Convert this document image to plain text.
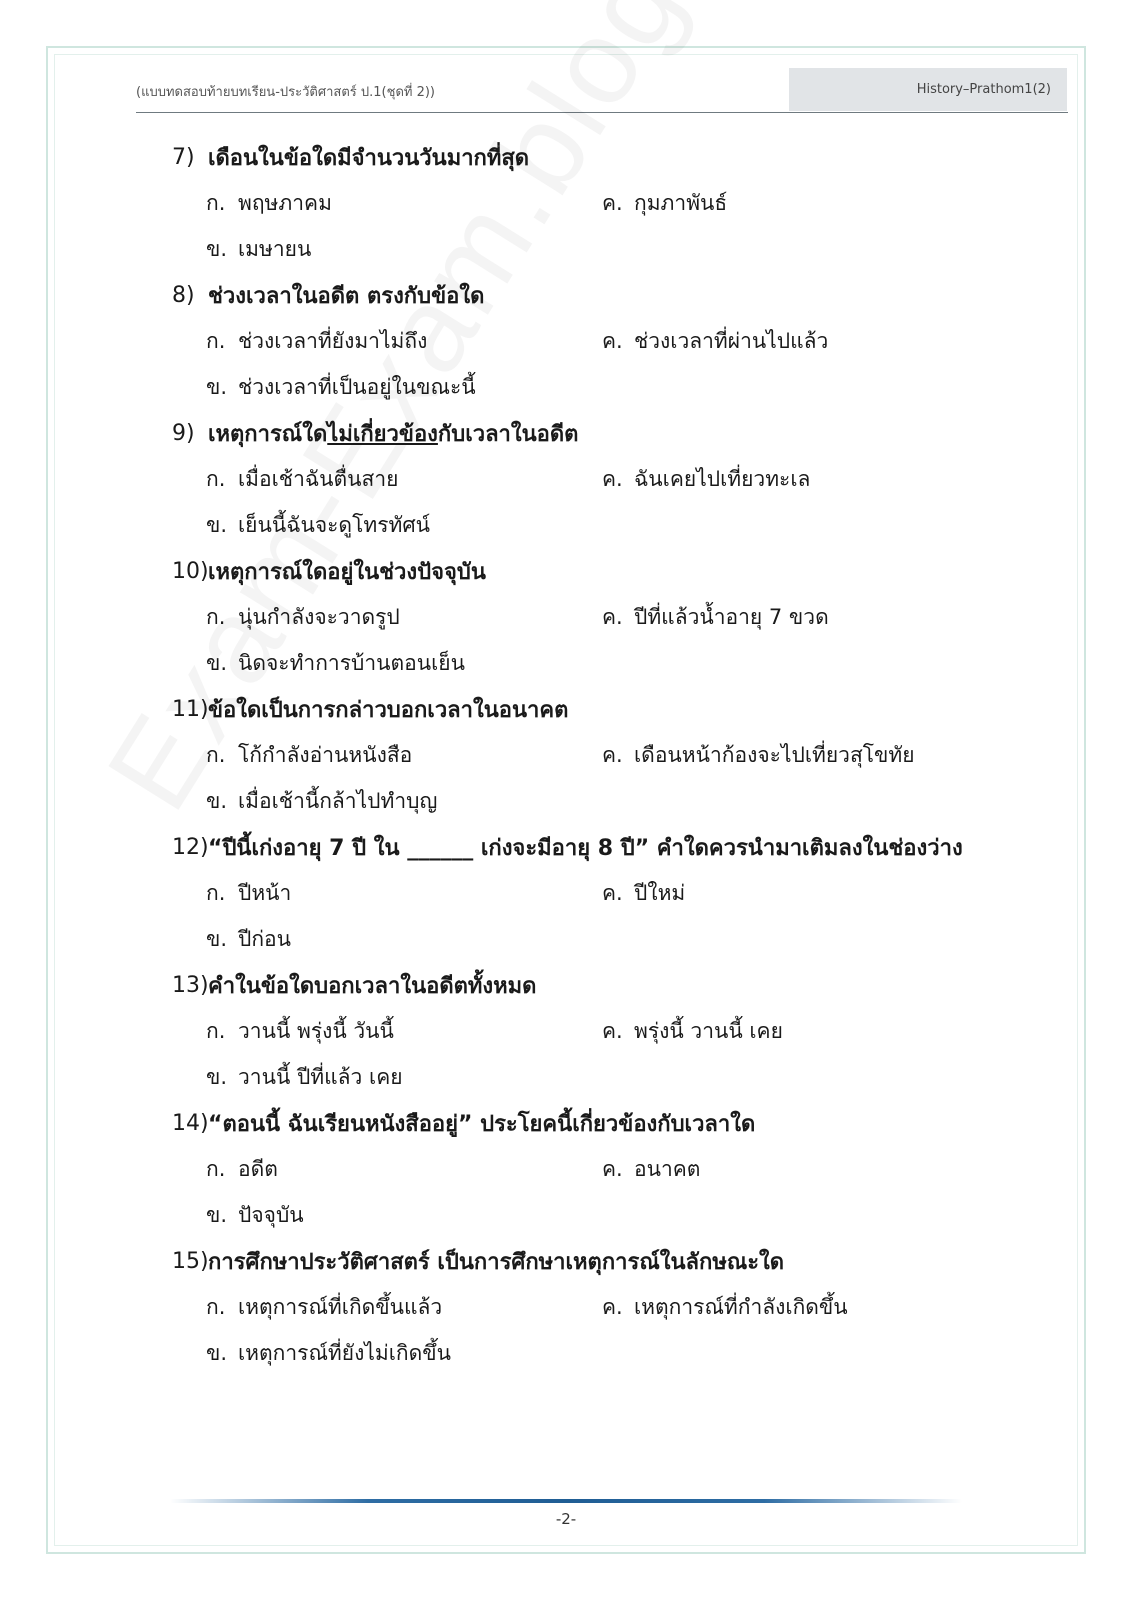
(แบบทดสอบท้ายบทเรียน-ประวัติศาสตร์ ป.1(ชุดที่ 2))	History–Prathom1(2)
7) เดือนในข้อใดมีจำนวนวันมากที่สุด
ก. พฤษภาคม	ค. กุมภาพันธ์
ข. เมษายน
8) ช่วงเวลาในอดีต ตรงกับข้อใด
ก. ช่วงเวลาที่ยังมาไม่ถึง	ค. ช่วงเวลาที่ผ่านไปแล้ว
ข. ช่วงเวลาที่เป็นอยู่ในขณะนี้
9) เหตุการณ์ใด ไม่เกี่ยวข้อง กับเวลาในอดีต
ก. เมื่อเช้าฉันตื่นสาย	ค. ฉันเคยไปเที่ยวทะเล
ข. เย็นนี้ฉันจะดูโทรทัศน์
10) เหตุการณ์ใดอยู่ในช่วงปัจจุบัน
ก. นุ่นกำลังจะวาดรูป	ค. ปีที่แล้วน้ำอายุ 7 ขวด
ข. นิดจะทำการบ้านตอนเย็น
11) ข้อใดเป็นการกล่าวบอกเวลาในอนาคต
ก. โก้กำลังอ่านหนังสือ	ค. เดือนหน้าก้องจะไปเที่ยวสุโขทัย
ข. เมื่อเช้านี้กล้าไปทำบุญ
12) “ปีนี้เก่งอายุ 7 ปี ใน ______ เก่งจะมีอายุ 8 ปี” คำใดควรนำมาเติมลงในช่องว่าง
ก. ปีหน้า	ค. ปีใหม่
ข. ปีก่อน
13) คำในข้อใดบอกเวลาในอดีตทั้งหมด
ก. วานนี้ พรุ่งนี้ วันนี้	ค. พรุ่งนี้ วานนี้ เคย
ข. วานนี้ ปีที่แล้ว เคย
14) “ตอนนี้ ฉันเรียนหนังสืออยู่” ประโยคนี้เกี่ยวข้องกับเวลาใด
ก. อดีต	ค. อนาคต
ข. ปัจจุบัน
15) การศึกษาประวัติศาสตร์ เป็นการศึกษาเหตุการณ์ในลักษณะใด
ก. เหตุการณ์ที่เกิดขึ้นแล้ว	ค. เหตุการณ์ที่กำลังเกิดขึ้น
ข. เหตุการณ์ที่ยังไม่เกิดขึ้น
-2-
